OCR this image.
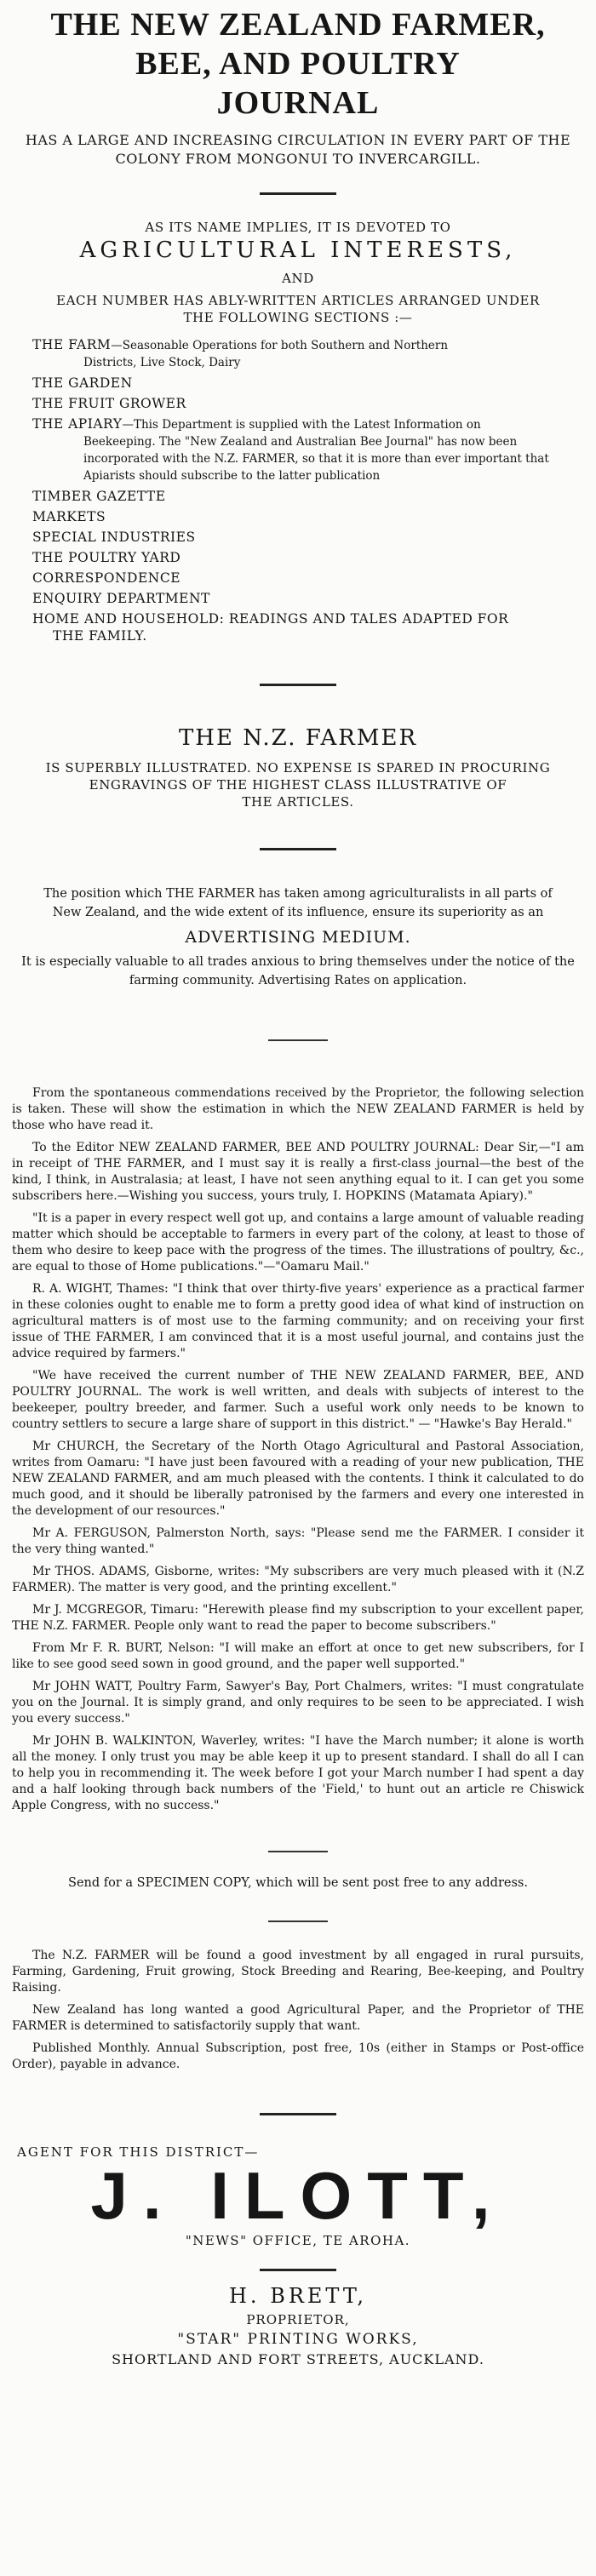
THE NEW ZEALAND FARMER,

BEE, AND POULTRY

JOURNAL

HAS A LARGE AND INCREASING CIRCULATION IN EVERY PART OF THE
COLONY FROM MONGONUI TO INVERCARGILL.
AS ITS NAME IMPLIES, IT IS DEVOTED TO
AGRICULTURAL INTERESTS,
AND
EACH NUMBER HAS ABLY-WRITTEN ARTICLES ARRANGED UNDER
THE FOLLOWING SECTIONS :—
THE FARM—Seasonable Operations for both Southern and Northern
Districts, Live Stock, Dairy
THE GARDEN
THE FRUIT GROWER
THE APIARY—This Department is supplied with the Latest Information on
Beekeeping. The "New Zealand and Australian Bee Journal" has now been incorporated with the N.Z. FARMER, so that it is more than ever important that Apiarists should subscribe to the latter publication
TIMBER GAZETTE
MARKETS
SPECIAL INDUSTRIES
THE POULTRY YARD
CORRESPONDENCE
ENQUIRY DEPARTMENT
HOME AND HOUSEHOLD: READINGS AND TALES ADAPTED FOR
THE FAMILY.
THE N.Z. FARMER
IS SUPERBLY ILLUSTRATED. NO EXPENSE IS SPARED IN PROCURING
ENGRAVINGS OF THE HIGHEST CLASS ILLUSTRATIVE OF
THE ARTICLES.
The position which THE FARMER has taken among agriculturalists in all parts of
New Zealand, and the wide extent of its influence, ensure its superiority as an
ADVERTISING MEDIUM.
It is especially valuable to all trades anxious to bring themselves under the notice of the
farming community. Advertising Rates on application.

From the spontaneous commendations received by the Proprietor, the following selection is taken. These will show the estimation in which the NEW ZEALAND FARMER is held by those who have read it.

To the Editor NEW ZEALAND FARMER, BEE AND POULTRY JOURNAL: Dear Sir,—"I am in receipt of THE FARMER, and I must say it is really a first-class journal—the best of the kind, I think, in Australasia; at least, I have not seen anything equal to it. I can get you some subscribers here.—Wishing you success, yours truly, I. HOPKINS (Matamata Apiary)."

"It is a paper in every respect well got up, and contains a large amount of valuable reading matter which should be acceptable to farmers in every part of the colony, at least to those of them who desire to keep pace with the progress of the times. The illustrations of poultry, &c., are equal to those of Home publications."—"Oamaru Mail."

R. A. WIGHT, Thames: "I think that over thirty-five years' experience as a practical farmer in these colonies ought to enable me to form a pretty good idea of what kind of instruction on agricultural matters is of most use to the farming community; and on receiving your first issue of THE FARMER, I am convinced that it is a most useful journal, and contains just the advice required by farmers."

"We have received the current number of THE NEW ZEALAND FARMER, BEE, AND POULTRY JOURNAL. The work is well written, and deals with subjects of interest to the beekeeper, poultry breeder, and farmer. Such a useful work only needs to be known to country settlers to secure a large share of support in this district." — "Hawke's Bay Herald."

Mr CHURCH, the Secretary of the North Otago Agricultural and Pastoral Association, writes from Oamaru: "I have just been favoured with a reading of your new publication, THE NEW ZEALAND FARMER, and am much pleased with the contents. I think it calculated to do much good, and it should be liberally patronised by the farmers and every one interested in the development of our resources."

Mr A. FERGUSON, Palmerston North, says: "Please send me the FARMER. I consider it the very thing wanted."

Mr THOS. ADAMS, Gisborne, writes: "My subscribers are very much pleased with it (N.Z FARMER). The matter is very good, and the printing excellent."

Mr J. MCGREGOR, Timaru: "Herewith please find my subscription to your excellent paper, THE N.Z. FARMER. People only want to read the paper to become subscribers."

From Mr F. R. BURT, Nelson: "I will make an effort at once to get new subscribers, for I like to see good seed sown in good ground, and the paper well supported."

Mr JOHN WATT, Poultry Farm, Sawyer's Bay, Port Chalmers, writes: "I must congratulate you on the Journal. It is simply grand, and only requires to be seen to be appreciated. I wish you every success."

Mr JOHN B. WALKINTON, Waverley, writes: "I have the March number; it alone is worth all the money. I only trust you may be able keep it up to present standard. I shall do all I can to help you in recommending it. The week before I got your March number I had spent a day and a half looking through back numbers of the 'Field,' to hunt out an article re Chiswick Apple Congress, with no success."

Send for a SPECIMEN COPY, which will be sent post free to any address.

The N.Z. FARMER will be found a good investment by all engaged in rural pursuits, Farming, Gardening, Fruit growing, Stock Breeding and Rearing, Bee-keeping, and Poultry Raising.

New Zealand has long wanted a good Agricultural Paper, and the Proprietor of THE FARMER is determined to satisfactorily supply that want.

Published Monthly. Annual Subscription, post free, 10s (either in Stamps or Post-office Order), payable in advance.

AGENT FOR THIS DISTRICT—
J. ILOTT,
"NEWS" OFFICE, TE AROHA.
H. BRETT,
PROPRIETOR,
"STAR" PRINTING WORKS,
SHORTLAND AND FORT STREETS, AUCKLAND.
